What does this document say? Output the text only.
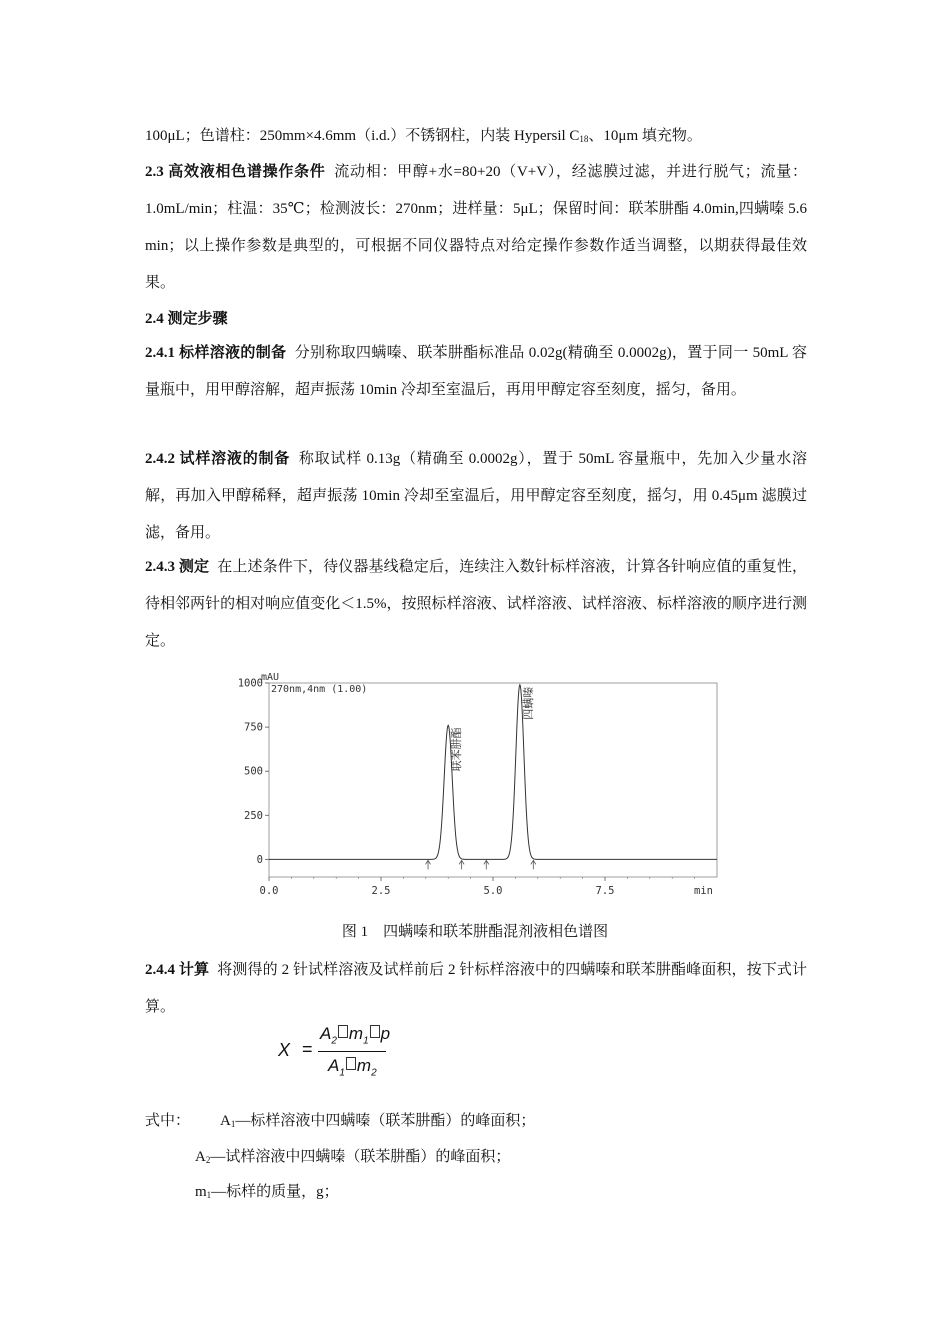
100μL；色谱柱：250mm×4.6mm（i.d.）不锈钢柱，内装 Hypersil $C_{18}$、10μm 填充物。
2.3 高效液相色谱操作条件 流动相：甲醇+水=80+20（V+V），经滤膜过滤，并进行脱气；流量：1.0mL/min；柱温：35℃；检测波长：270nm；进样量：5μL；保留时间：联苯肼酯 4.0min,四螨嗪 5.6 min；以上操作参数是典型的，可根据不同仪器特点对给定操作参数作适当调整，以期获得最佳效果。
2.4 测定步骤
2.4.1 标样溶液的制备 分别称取四螨嗪、联苯肼酯标准品 0.02g(精确至 0.0002g)，置于同一 50mL 容量瓶中，用甲醇溶解，超声振荡 10min 冷却至室温后，再用甲醇定容至刻度，摇匀，备用。
2.4.2 试样溶液的制备 称取试样 0.13g（精确至 0.0002g），置于 50mL 容量瓶中，先加入少量水溶解，再加入甲醇稀释，超声振荡 10min 冷却至室温后，用甲醇定容至刻度，摇匀，用 0.45μm 滤膜过滤，备用。
2.4.3 测定 在上述条件下，待仪器基线稳定后，连续注入数针标样溶液，计算各针响应值的重复性，待相邻两针的相对响应值变化＜1.5%，按照标样溶液、试样溶液、试样溶液、标样溶液的顺序进行测定。
mAU
270nm,4nm (1.00)
1000
750
500
250
0
0.0	2.5	5.0	7.5	min
联苯肼酯
四螨嗪
图 1　四螨嗪和联苯肼酯混剂液相色谱图
2.4.4 计算 将测得的 2 针试样溶液及试样前后 2 针标样溶液中的四螨嗪和联苯肼酯峰面积，按下式计算。
X =
$A_2$ $m_1$ p
$A_1$ $m_2$
式中： $A_1—$标样溶液中四螨嗪（联苯肼酯）的峰面积；
$A_2—$试样溶液中四螨嗪（联苯肼酯）的峰面积；
$m_1—$标样的质量，g；
